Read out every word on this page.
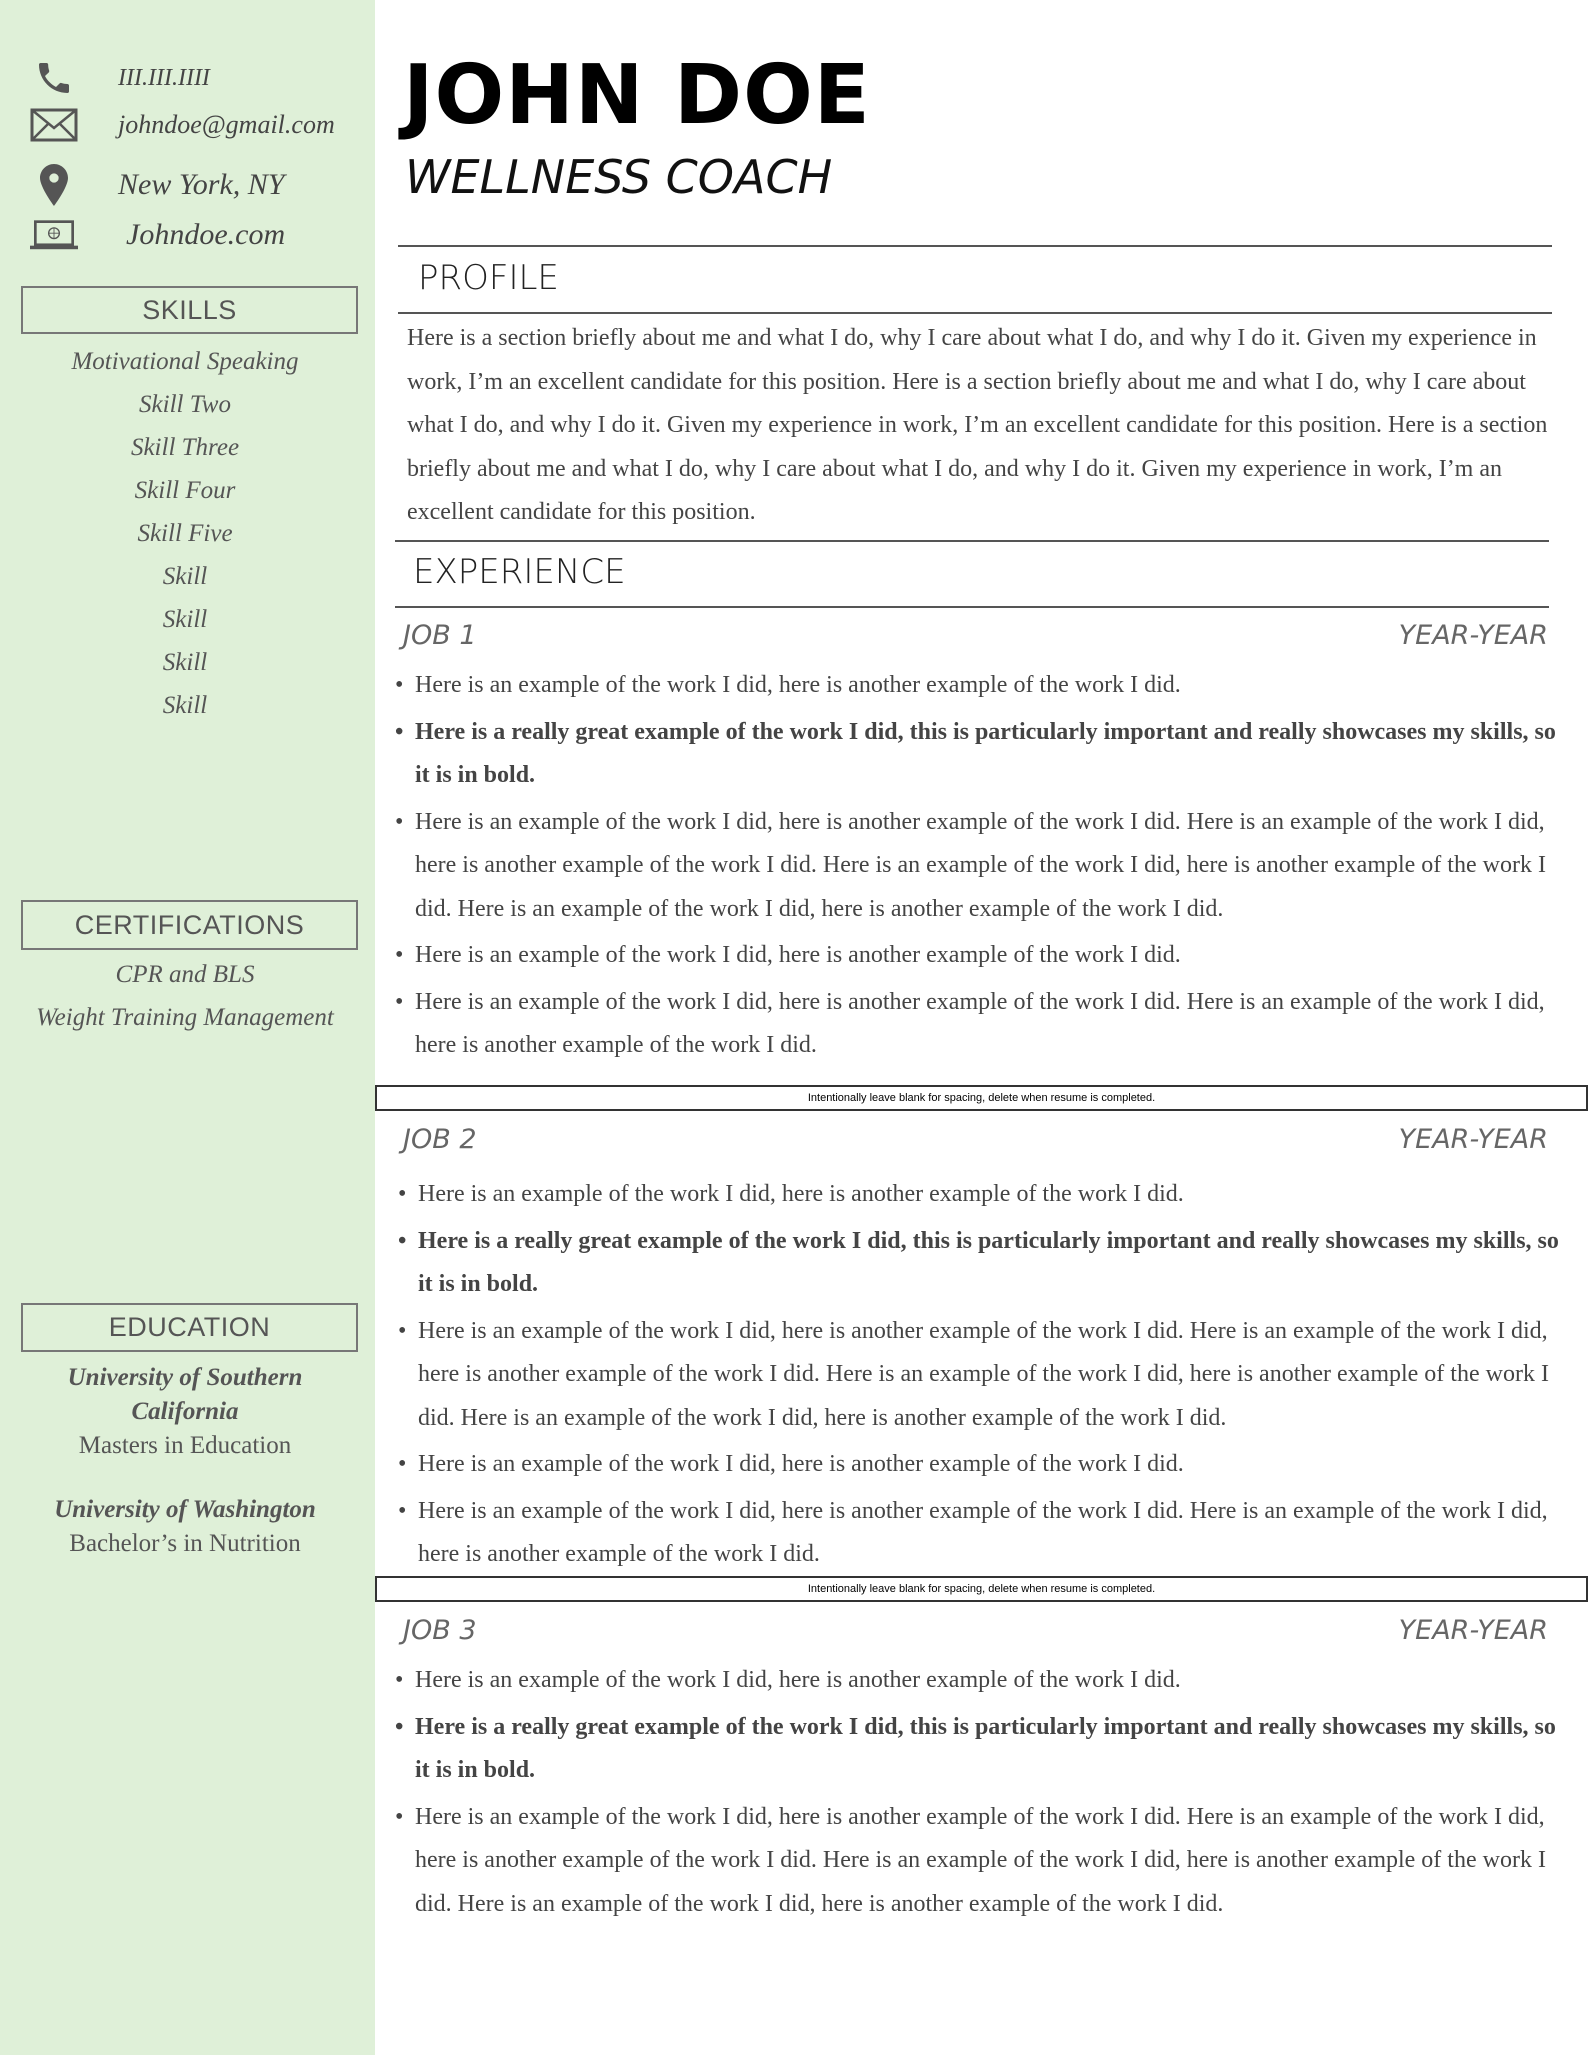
III.III.IIII
johndoe@gmail.com
New York, NY
Johndoe.com
SKILLS
Motivational Speaking
Skill Two
Skill Three
Skill Four
Skill Five
Skill
Skill
Skill
Skill
CERTIFICATIONS
CPR and BLS
Weight Training Management
EDUCATION
University of Southern California
Masters in Education
University of Washington
Bachelor’s in Nutrition
JOHN DOE
WELLNESS COACH
PROFILE
Here is a section briefly about me and what I do, why I care about what I do, and why I do it. Given my experience in work, I’m an excellent candidate for this position. Here is a section briefly about me and what I do, why I care about what I do, and why I do it. Given my experience in work, I’m an excellent candidate for this position. Here is a section briefly about me and what I do, why I care about what I do, and why I do it. Given my experience in work, I’m an excellent candidate for this position.
EXPERIENCE
JOB 1	YEAR-YEAR
• Here is an example of the work I did, here is another example of the work I did.
• Here is a really great example of the work I did, this is particularly important and really showcases my skills, so it is in bold.
• Here is an example of the work I did, here is another example of the work I did. Here is an example of the work I did, here is another example of the work I did. Here is an example of the work I did, here is another example of the work I did. Here is an example of the work I did, here is another example of the work I did.
• Here is an example of the work I did, here is another example of the work I did.
• Here is an example of the work I did, here is another example of the work I did. Here is an example of the work I did, here is another example of the work I did.
Intentionally leave blank for spacing, delete when resume is completed.
JOB 2	YEAR-YEAR
• Here is an example of the work I did, here is another example of the work I did.
• Here is a really great example of the work I did, this is particularly important and really showcases my skills, so it is in bold.
• Here is an example of the work I did, here is another example of the work I did. Here is an example of the work I did, here is another example of the work I did. Here is an example of the work I did, here is another example of the work I did. Here is an example of the work I did, here is another example of the work I did.
• Here is an example of the work I did, here is another example of the work I did.
• Here is an example of the work I did, here is another example of the work I did. Here is an example of the work I did, here is another example of the work I did.
Intentionally leave blank for spacing, delete when resume is completed.
JOB 3	YEAR-YEAR
• Here is an example of the work I did, here is another example of the work I did.
• Here is a really great example of the work I did, this is particularly important and really showcases my skills, so it is in bold.
• Here is an example of the work I did, here is another example of the work I did. Here is an example of the work I did, here is another example of the work I did. Here is an example of the work I did, here is another example of the work I did. Here is an example of the work I did, here is another example of the work I did.
